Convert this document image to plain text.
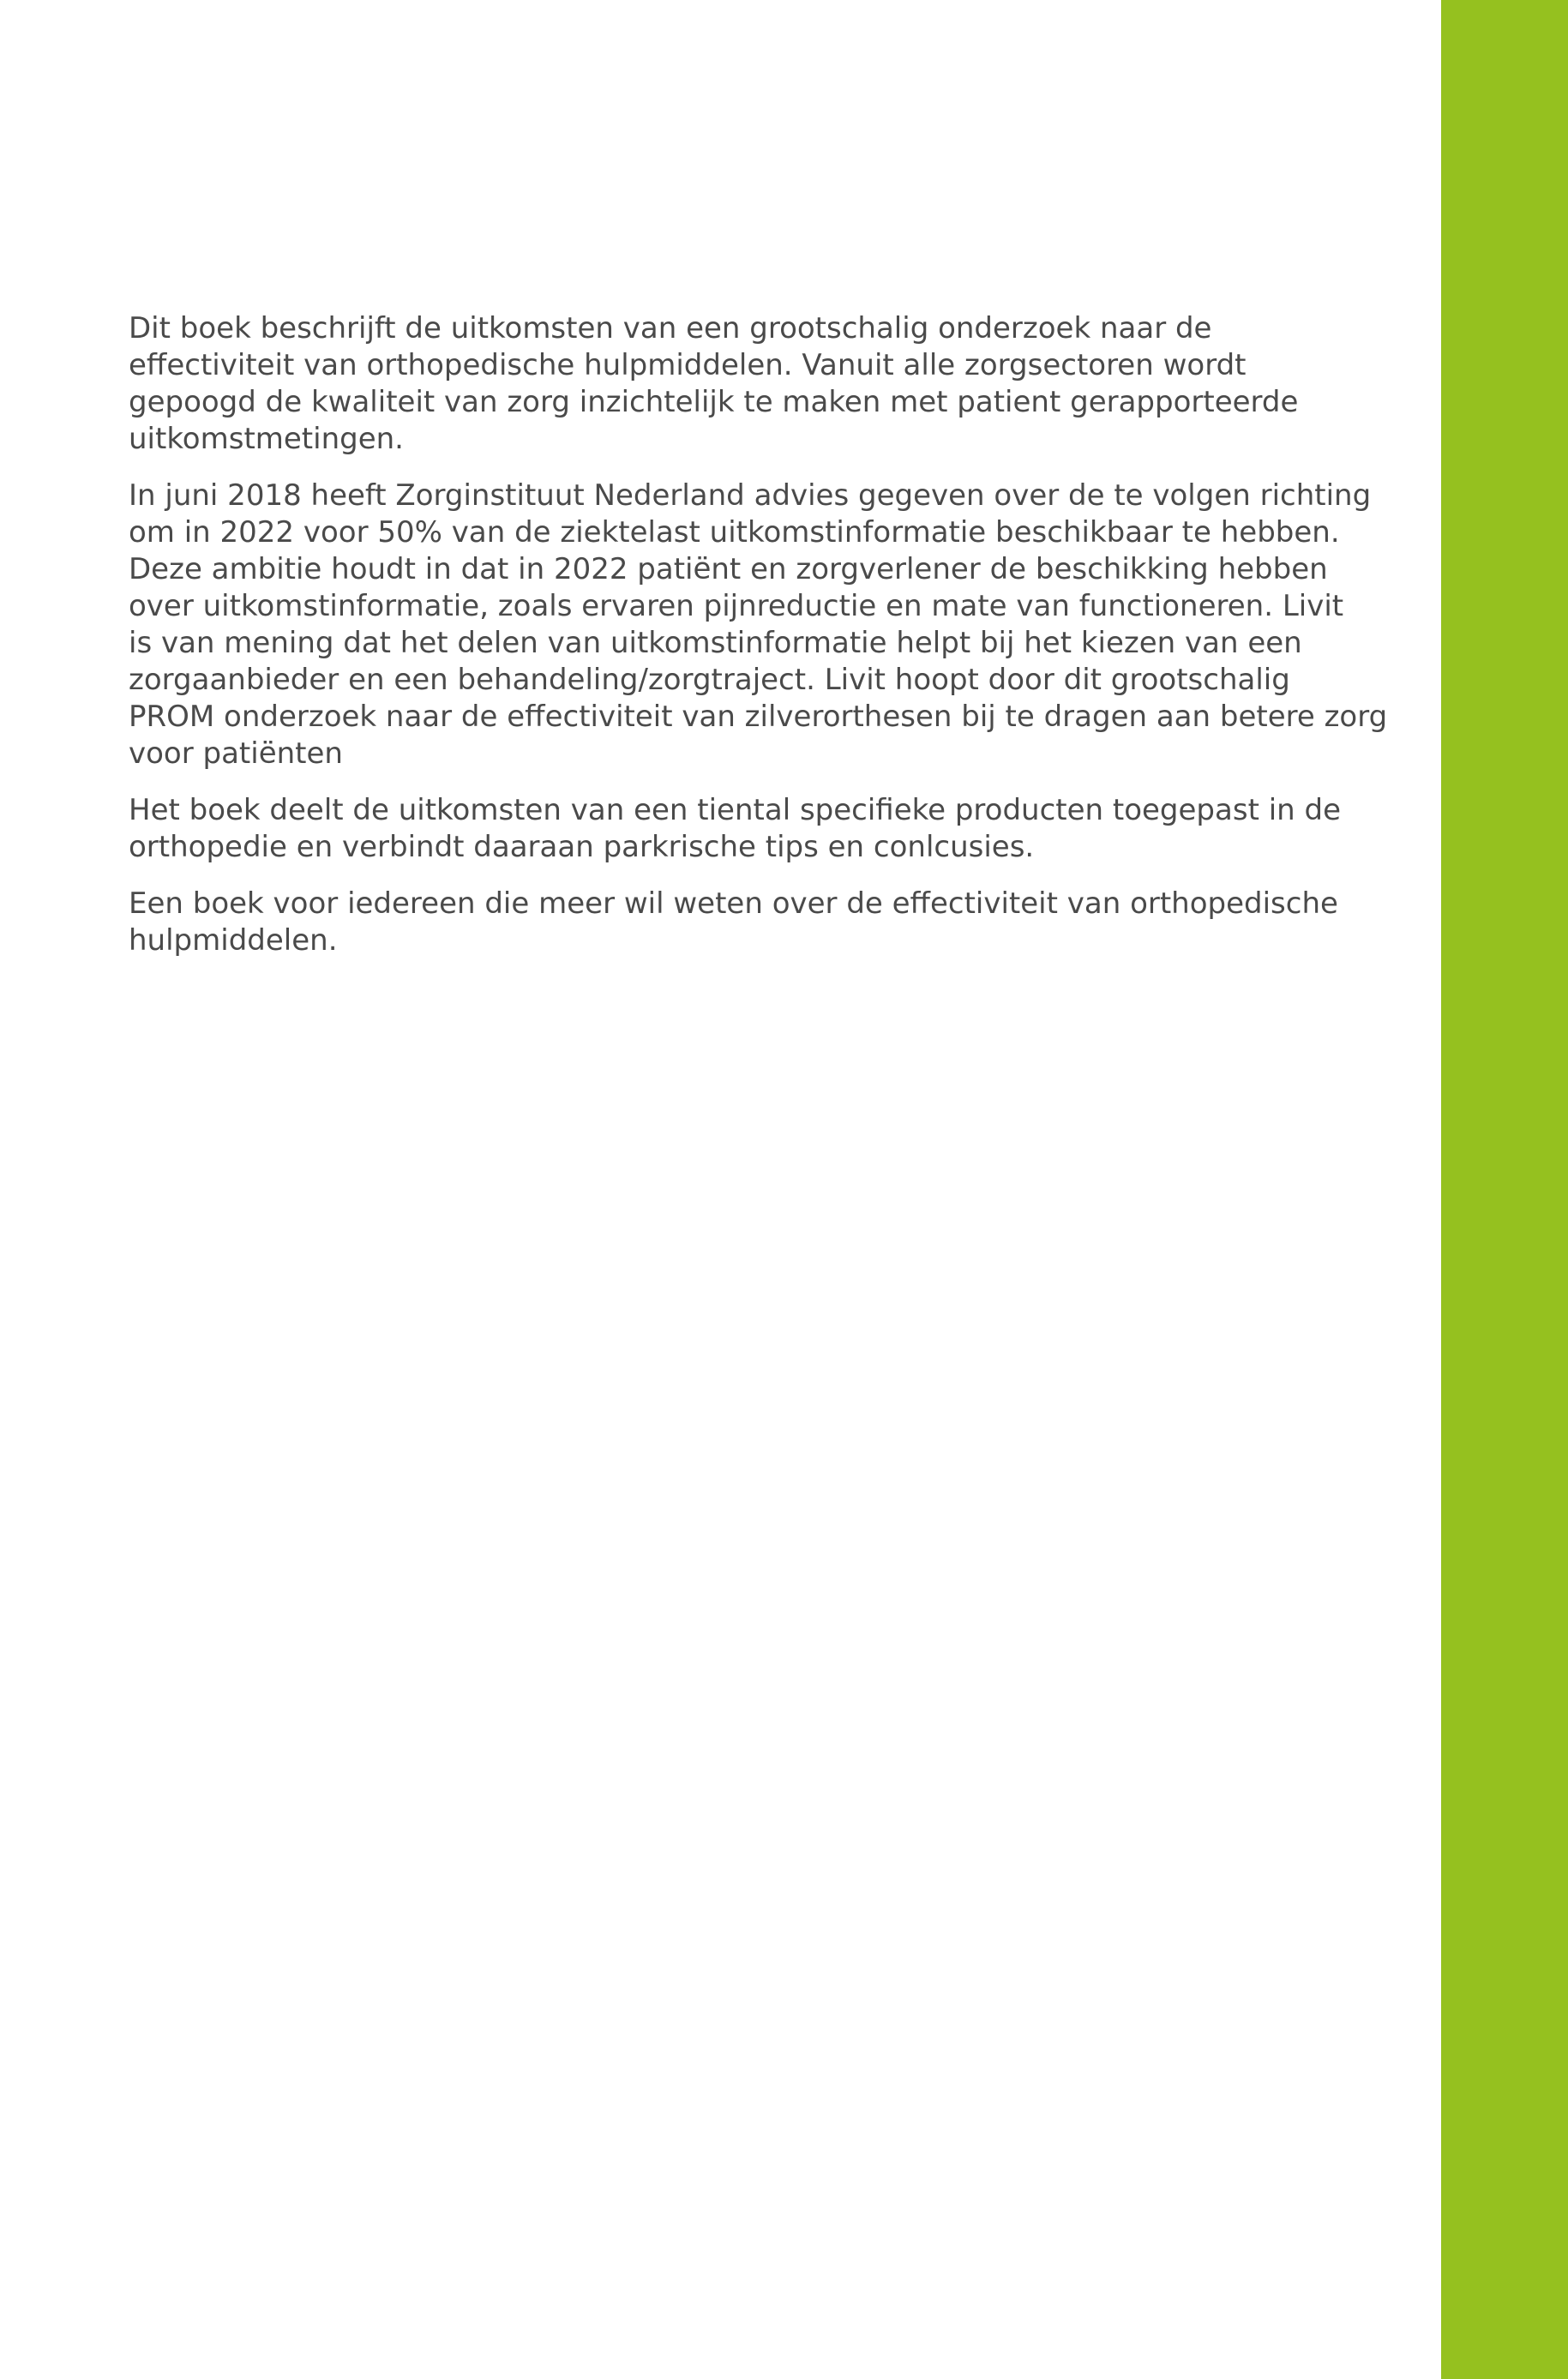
Dit boek beschrijft de uitkomsten van een grootschalig onderzoek naar de
effectiviteit van orthopedische hulpmiddelen. Vanuit alle zorgsectoren wordt
gepoogd de kwaliteit van zorg inzichtelijk te maken met patient gerapporteerde
uitkomstmetingen.

In juni 2018 heeft Zorginstituut Nederland advies gegeven over de te volgen richting
om in 2022 voor 50% van de ziektelast uitkomstinformatie beschikbaar te hebben.
Deze ambitie houdt in dat in 2022 patiënt en zorgverlener de beschikking hebben
over uitkomstinformatie, zoals ervaren pijnreductie en mate van functioneren. Livit
is van mening dat het delen van uitkomstinformatie helpt bij het kiezen van een
zorgaanbieder en een behandeling/zorgtraject. Livit hoopt door dit grootschalig
PROM onderzoek naar de effectiviteit van zilverorthesen bij te dragen aan betere zorg
voor patiënten

Het boek deelt de uitkomsten van een tiental specifieke producten toegepast in de
orthopedie en verbindt daaraan parkrische tips en conlcusies.

Een boek voor iedereen die meer wil weten over de effectiviteit van orthopedische
hulpmiddelen.
